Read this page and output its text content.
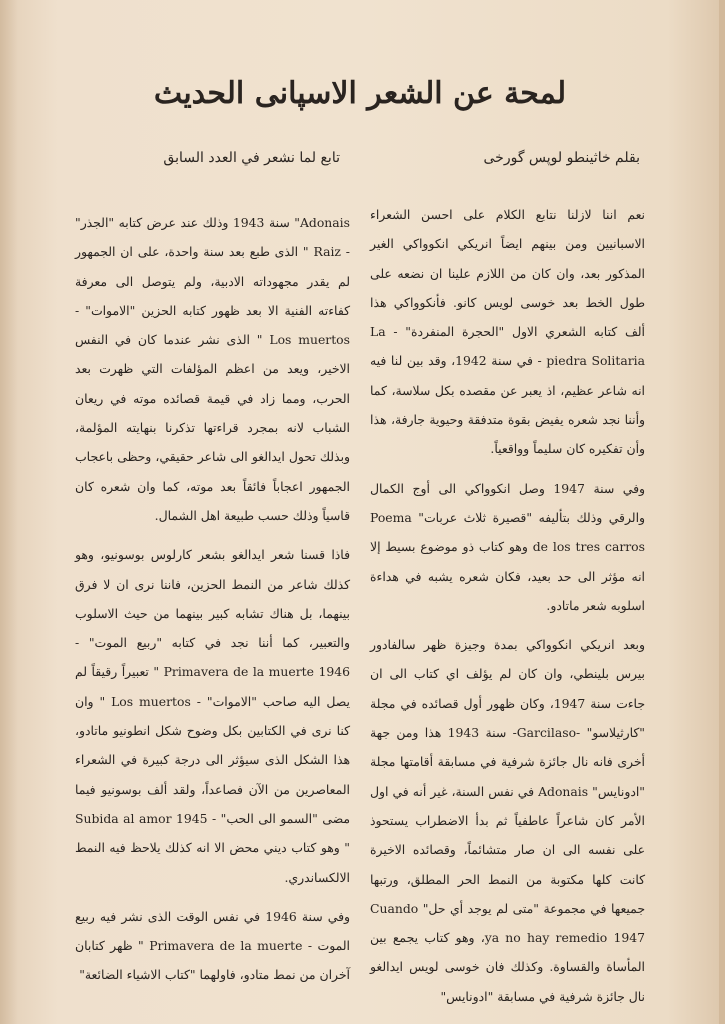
لمحة عن الشعر الاسپانى الحديث
بقلم خاثينطو لوپس گورخی
تابع لما نشعر في العدد السابق

نعم اننا لازلنا نتابع الكلام على احسن الشعراء الاسبانيين ومن بينهم ايضاً انريكي انكوواكي الغير المذكور بعد، وان كان من اللازم علينا ان نضعه على طول الخط بعد خوسى لويس كانو. فأنكوواكي هذا ألف كتابه الشعري الاول "الحجرة المنفردة" - La piedra Solitaria - في سنة 1942، وقد بين لنا فيه انه شاعر عظيم، اذ يعبر عن مقصده بكل سلاسة، كما وأننا نجد شعره يفيض بقوة متدفقة وحيوية جارفة، هذا وأن تفكيره كان سليماً وواقعياً.

وفي سنة 1947 وصل انكوواكي الى أوج الكمال والرقي وذلك بتأليفه "قصيرة ثلاث عربات" Poema de los tres carros وهو كتاب ذو موضوع بسيط إلا انه مؤثر الى حد بعيد، فكان شعره يشبه في هداءة اسلوبه شعر ماتادو.

وبعد انريكي انكوواكي بمدة وجيزة ظهر سالفادور بيرس بلينطي، وان كان لم يؤلف اي كتاب الى ان جاءت سنة 1947، وكان ظهور أول قصائده في مجلة "كارثيلاسو" -Garcilaso- سنة 1943 هذا ومن جهة أخرى فانه نال جائزة شرفية في مسابقة أقامتها مجلة "ادونايس" Adonais في نفس السنة، غير أنه في اول الأمر كان شاعراً عاطفياً ثم بدأ الاضطراب يستحوذ على نفسه الى ان صار متشائماً، وقصائده الاخيرة كانت كلها مكتوبة من النمط الحر المطلق، ورتبها جميعها في مجموعة "متى لم يوجد أي حل" Cuando ya no hay remedio 1947، وهو كتاب يجمع بين المأساة والقساوة. وكذلك فان خوسى لويس ايدالغو نال جائزة شرفية في مسابقة "ادونايس"

Adonais" سنة 1943 وذلك عند عرض كتابه "الجذر" - Raiz " الذى طبع بعد سنة واحدة، على ان الجمهور لم يقدر مجهوداته الادبية، ولم يتوصل الى معرفة كفاءته الفنية الا بعد ظهور كتابه الحزين "الاموات" - Los muertos " الذى نشر عندما كان في النفس الاخير، ويعد من اعظم المؤلفات التي ظهرت بعد الحرب، ومما زاد في قيمة قصائده موته في ريعان الشباب لانه بمجرد قراءتها تذكرنا بنهايته المؤلمة، وبذلك تحول ايدالغو الى شاعر حقيقي، وحظى باعجاب الجمهور اعجاباً فائقاً بعد موته، كما وان شعره كان قاسياً وذلك حسب طبيعة اهل الشمال.

فاذا قسنا شعر ايدالغو بشعر كارلوس بوسونيو، وهو كذلك شاعر من النمط الحزين، فاننا نرى ان لا فرق بينهما، بل هناك تشابه كبير بينهما من حيث الاسلوب والتعبير، كما أننا نجد في كتابه "ربيع الموت" - Primavera de la muerte 1946 " تعبيراً رقيقاً لم يصل اليه صاحب "الاموات" - Los muertos " وان كنا نرى في الكتابين بكل وضوح شكل انطونيو ماتادو، هذا الشكل الذى سيؤثر الى درجة كبيرة في الشعراء المعاصرين من الآن فصاعداً، ولقد ألف بوسونيو فيما مضى "السمو الى الحب" - Subida al amor 1945 " وهو كتاب ديني محض الا انه كذلك يلاحظ فيه النمط الالكساندري.

وفي سنة 1946 في نفس الوقت الذى نشر فيه ربيع الموت - Primavera de la muerte " ظهر كتابان آخران من نمط متادو، فاولهما "كتاب الاشياء الضائعة"
